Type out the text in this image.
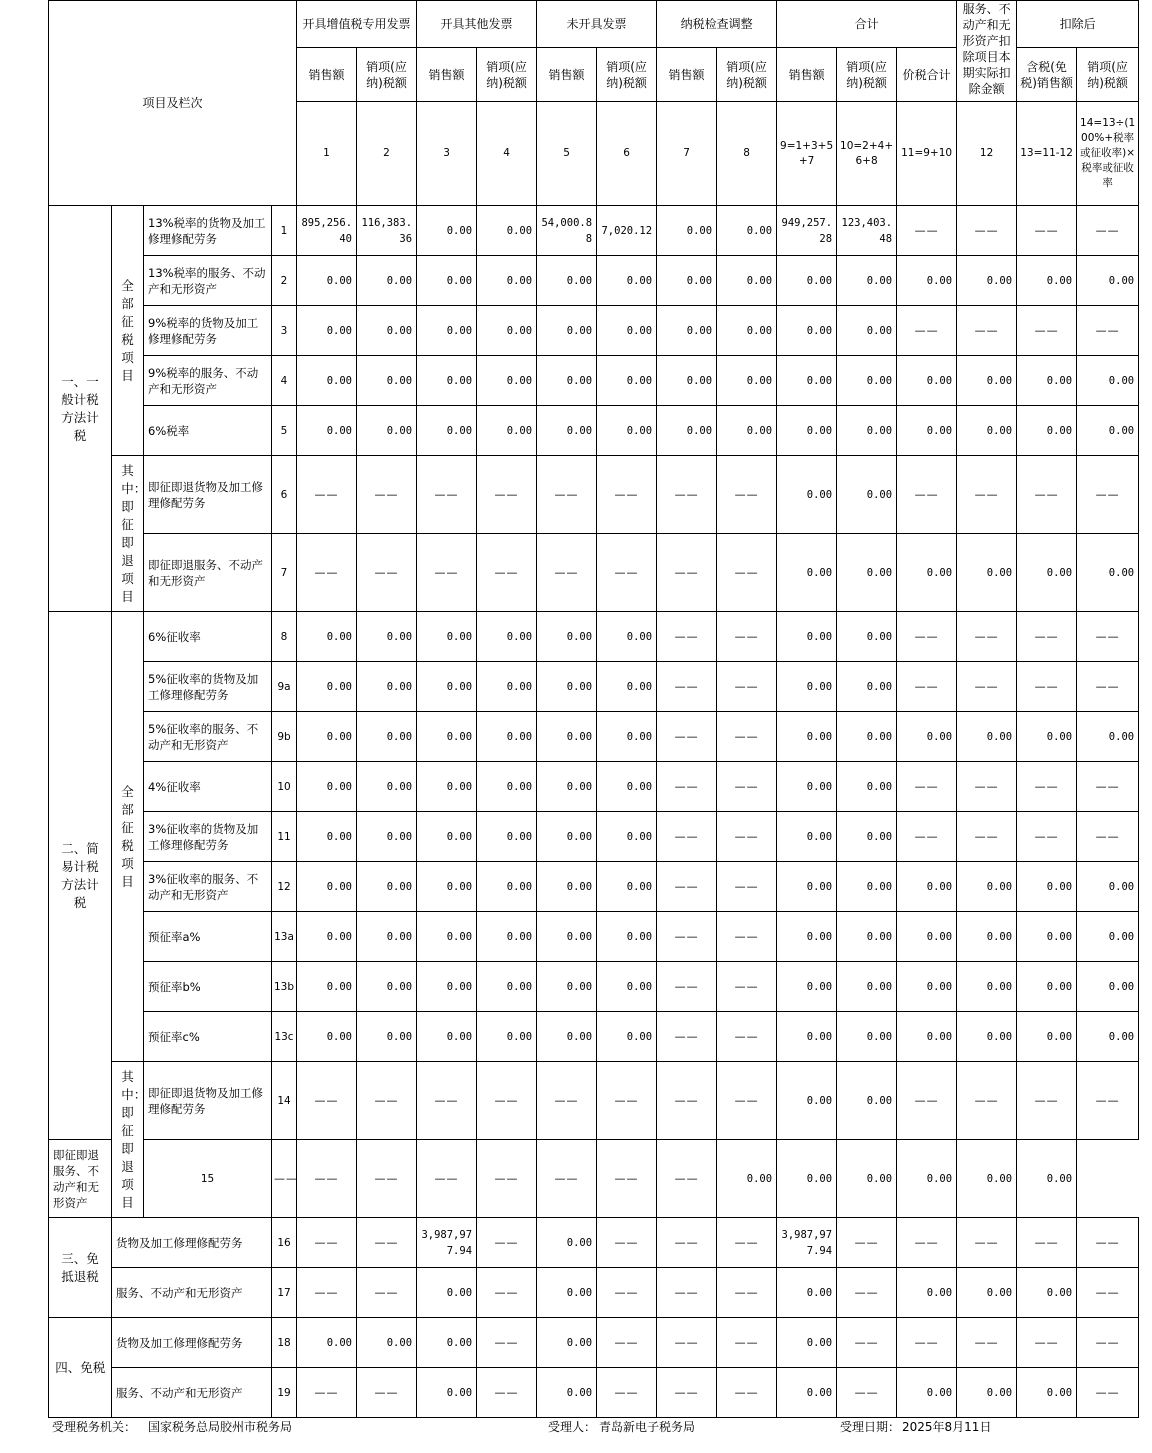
项目及栏次				开具增值税专用发票		开具其他发票		未开具发票		纳税检查调整		合计			服务、不动产和无形资产扣除项目本期实际扣除金额	扣除后	
				销售额	销项(应纳)税额	销售额	销项(应纳)税额	销售额	销项(应纳)税额	销售额	销项(应纳)税额	销售额	销项(应纳)税额	价税合计		含税(免税)销售额	销项(应纳)税额
				1	2	3	4	5	6	7	8	9=1+3+5+7	10=2+4+6+8	11=9+10	12	13=11-12	14=13÷(100%+税率或征收率)×税率或征收率

一、一般计税方法计税	全部征税项目	13%税率的货物及加工修理修配劳务	1	895,256.40	116,383.36	0.00	0.00	54,000.88	7,020.12	0.00	0.00	949,257.28	123,403.48	——	——	——	——
		13%税率的服务、不动产和无形资产	2	0.00	0.00	0.00	0.00	0.00	0.00	0.00	0.00	0.00	0.00	0.00	0.00	0.00	0.00
		9%税率的货物及加工修理修配劳务	3	0.00	0.00	0.00	0.00	0.00	0.00	0.00	0.00	0.00	0.00	——	——	——	——
		9%税率的服务、不动产和无形资产	4	0.00	0.00	0.00	0.00	0.00	0.00	0.00	0.00	0.00	0.00	0.00	0.00	0.00	0.00
		6%税率	5	0.00	0.00	0.00	0.00	0.00	0.00	0.00	0.00	0.00	0.00	0.00	0.00	0.00	0.00

	其中：即征即退项目	即征即退货物及加工修理修配劳务	6	——	——	——	——	——	——	——	——	0.00	0.00	——	——	——	——
		即征即退服务、不动产和无形资产	7	——	——	——	——	——	——	——	——	0.00	0.00	0.00	0.00	0.00	0.00

二、简易计税方法计税	全部征税项目	6%征收率	8	0.00	0.00	0.00	0.00	0.00	0.00	——	——	0.00	0.00	——	——	——	——
		5%征收率的货物及加工修理修配劳务	9a	0.00	0.00	0.00	0.00	0.00	0.00	——	——	0.00	0.00	——	——	——	——
		5%征收率的服务、不动产和无形资产	9b	0.00	0.00	0.00	0.00	0.00	0.00	——	——	0.00	0.00	0.00	0.00	0.00	0.00
		4%征收率	10	0.00	0.00	0.00	0.00	0.00	0.00	——	——	0.00	0.00	——	——	——	——
		3%征收率的货物及加工修理修配劳务	11	0.00	0.00	0.00	0.00	0.00	0.00	——	——	0.00	0.00	——	——	——	——
		3%征收率的服务、不动产和无形资产	12	0.00	0.00	0.00	0.00	0.00	0.00	——	——	0.00	0.00	0.00	0.00	0.00	0.00
		预征率a%	13a	0.00	0.00	0.00	0.00	0.00	0.00	——	——	0.00	0.00	0.00	0.00	0.00	0.00
		预征率b%	13b	0.00	0.00	0.00	0.00	0.00	0.00	——	——	0.00	0.00	0.00	0.00	0.00	0.00
		预征率c%	13c	0.00	0.00	0.00	0.00	0.00	0.00	——	——	0.00	0.00	0.00	0.00	0.00	0.00

	其中：即征即退项目	即征即退货物及加工修理修配劳务	14	——	——	——	——	——	——	——	——	0.00	0.00	——	——	——	——
即征即退服务、不动产和无形资产		15	——	——	——	——	——	——	——	——	0.00	0.00	0.00	0.00	0.00	0.00	

三、免抵退税	货物及加工修理修配劳务		16	——	——	3,987,977.94	——	0.00	——	——	——	3,987,977.94	——	——	——	——	——
	服务、不动产和无形资产		17	——	——	0.00	——	0.00	——	——	——	0.00	——	0.00	0.00	0.00	——

四、免税	货物及加工修理修配劳务		18	0.00	0.00	0.00	——	0.00	——	——	——	0.00	——	——	——	——	——
	服务、不动产和无形资产		19	——	——	0.00	——	0.00	——	——	——	0.00	——	0.00	0.00	0.00	——
受理税务机关： 国家税务总局胶州市税务局	受理人： 青岛新电子税务局	受理日期： 2025年8月11日
